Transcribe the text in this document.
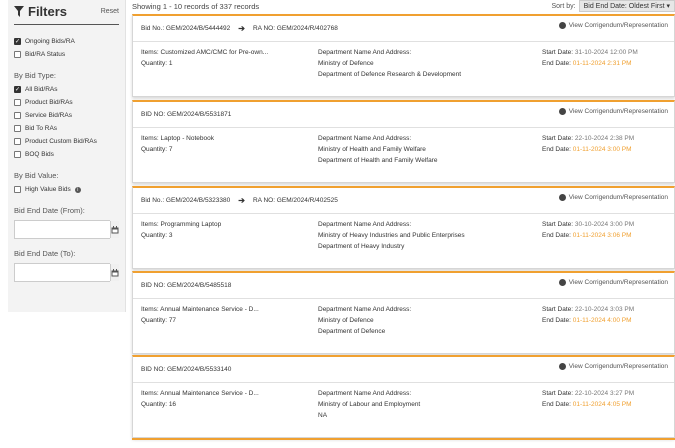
Filters	Reset
✓ Ongoing Bids/RA
Bid/RA Status
By Bid Type:
✓ All Bid/RAs
Product Bid/RAs
Service Bid/RAs
Bid To RAs
Product Custom Bid/RAs
BOQ Bids
By Bid Value:
High Value Bids	i
Bid End Date (From):
Bid End Date (To):
Showing 1 - 10 records of 337 records	Sort by:	Bid End Date: Oldest First ▾
Bid No.: GEM/2024/B/5444492 ➔ RA NO: GEM/2024/R/402768	View Corrigendum/Representation
Items: Customized AMC/CMC for Pre-own...
Quantity: 1
Department Name And Address:
Ministry of Defence
Department of Defence Research & Development
Start Date: 31-10-2024 12:00 PM
End Date: 01-11-2024 2:31 PM
BID NO: GEM/2024/B/5531871	View Corrigendum/Representation
Items: Laptop - Notebook
Quantity: 7
Department Name And Address:
Ministry of Health and Family Welfare
Department of Health and Family Welfare
Start Date: 22-10-2024 2:38 PM
End Date: 01-11-2024 3:00 PM
Bid No.: GEM/2024/B/5323380 ➔ RA NO: GEM/2024/R/402525	View Corrigendum/Representation
Items: Programming Laptop
Quantity: 3
Department Name And Address:
Ministry of Heavy Industries and Public Enterprises
Department of Heavy Industry
Start Date: 30-10-2024 3:00 PM
End Date: 01-11-2024 3:06 PM
BID NO: GEM/2024/B/5485518	View Corrigendum/Representation
Items: Annual Maintenance Service - D...
Quantity: 77
Department Name And Address:
Ministry of Defence
Department of Defence
Start Date: 22-10-2024 3:03 PM
End Date: 01-11-2024 4:00 PM
BID NO: GEM/2024/B/5533140	View Corrigendum/Representation
Items: Annual Maintenance Service - D...
Quantity: 16
Department Name And Address:
Ministry of Labour and Employment
NA
Start Date: 22-10-2024 3:27 PM
End Date: 01-11-2024 4:05 PM
